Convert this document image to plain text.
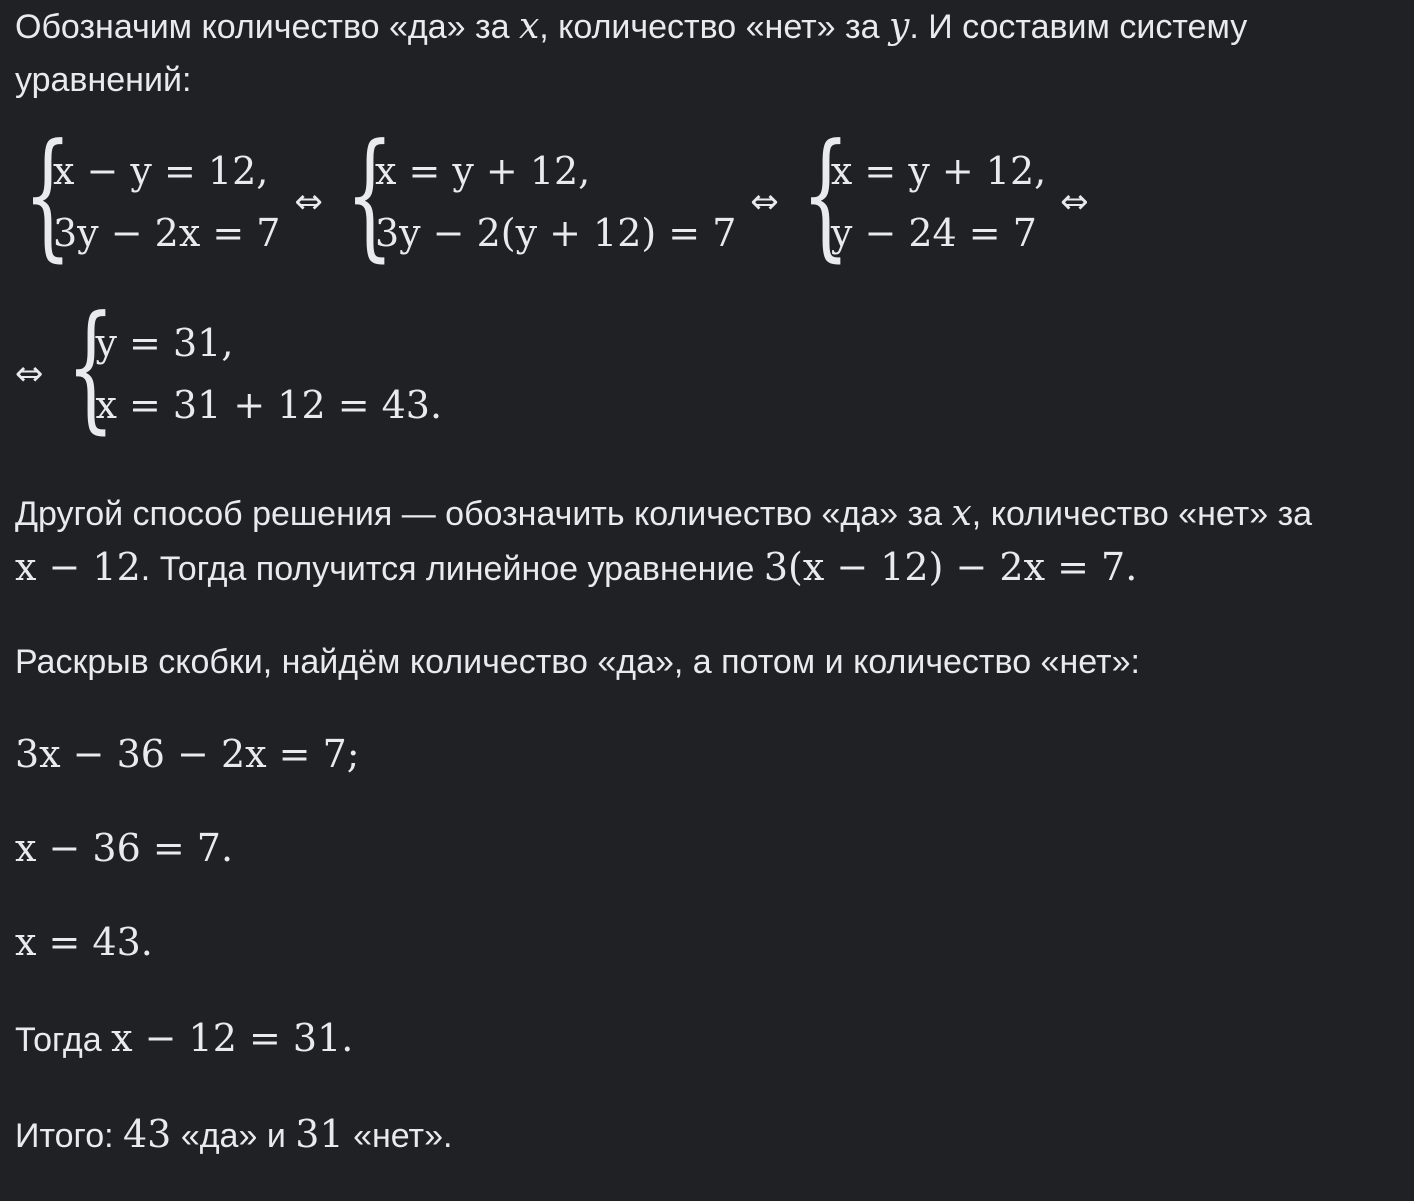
Обозначим количество «да» за x, количество «нет» за y. И составим систему
уравнений:
{
x − y = 12,
3y − 2x = 7
⇔ {
x = y + 12,
3y − 2(y + 12) = 7
⇔ {
x = y + 12,
y − 24 = 7
⇔
⇔ {
y = 31,
x = 31 + 12 = 43.
Другой способ решения — обозначить количество «да» за x, количество «нет» за
x − 12. Тогда получится линейное уравнение 3(x − 12) − 2x = 7.
Раскрыв скобки, найдём количество «да», а потом и количество «нет»:
3x − 36 − 2x = 7;
x − 36 = 7.
x = 43.
Тогда x − 12 = 31.
Итого: 43 «да» и 31 «нет».
